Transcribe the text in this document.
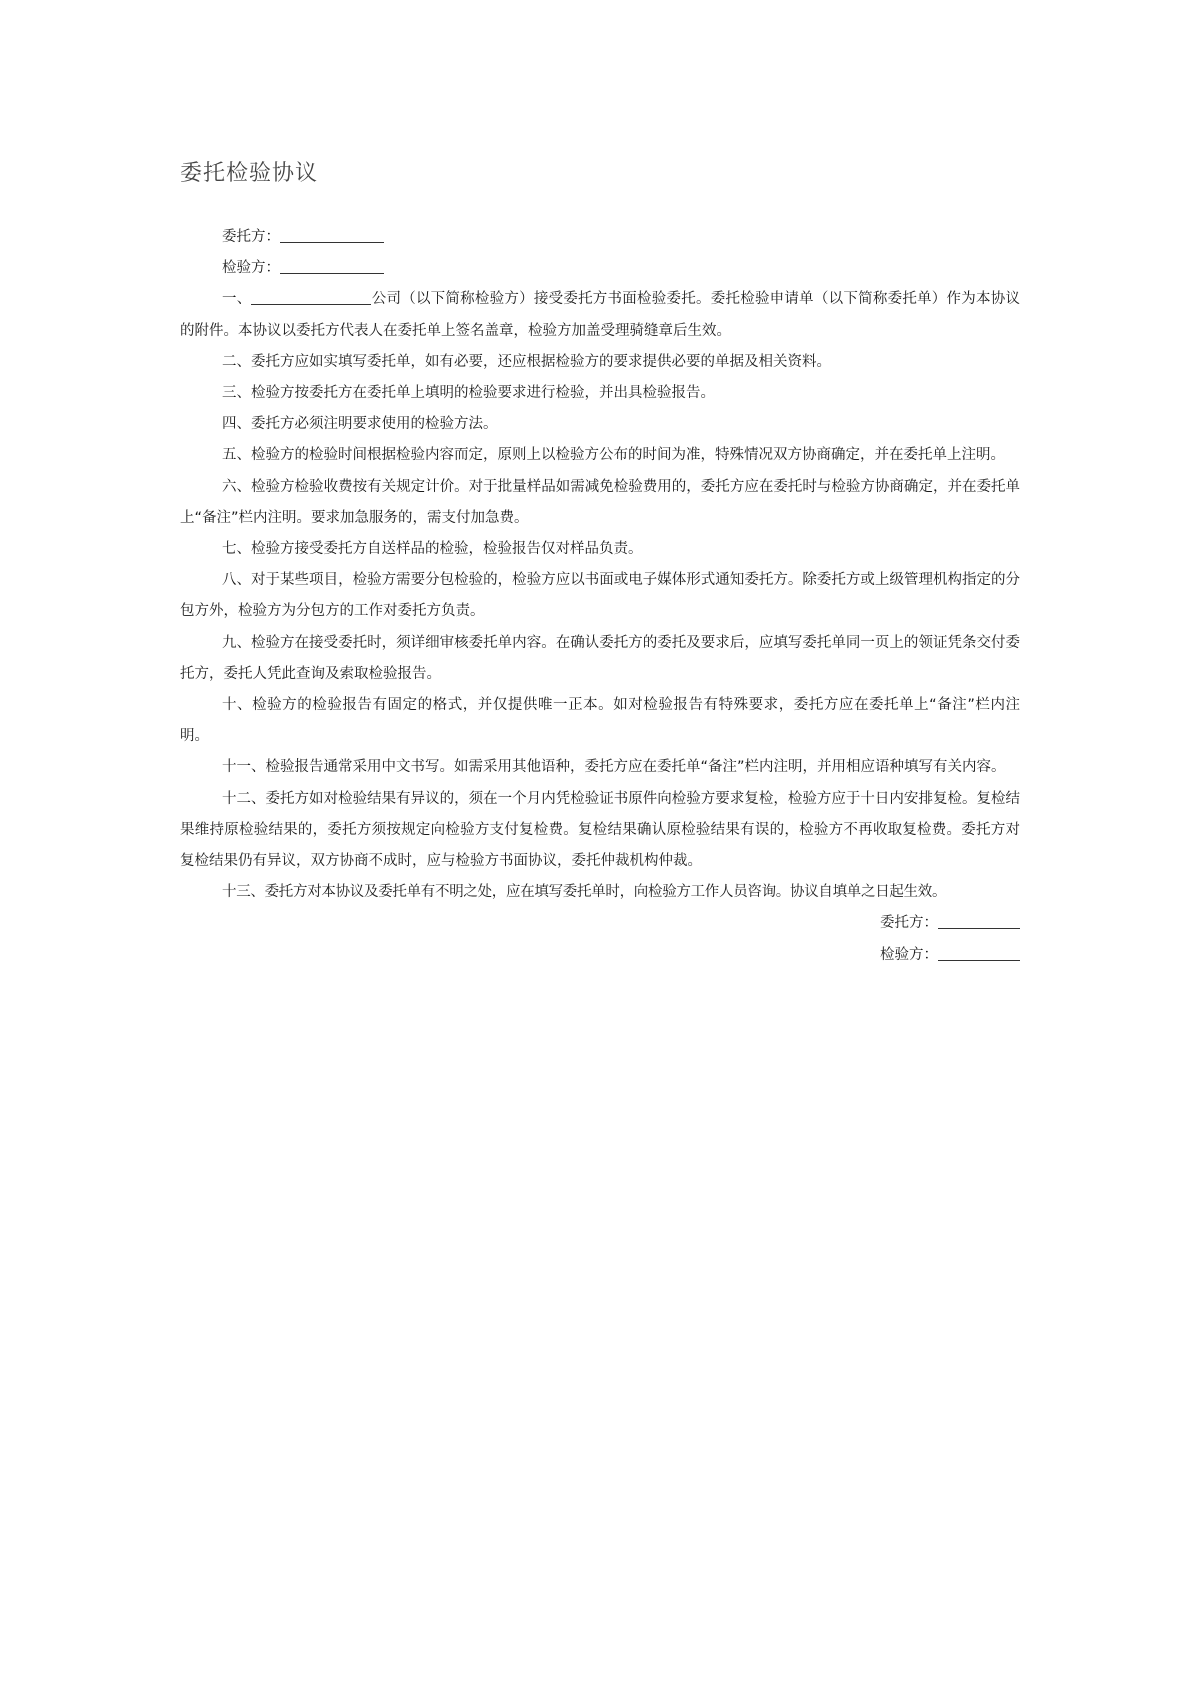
委托检验协议
委托方：
检验方：
一、	公司（以下简称检验方）接受委托方书面检验委托。委托检验申请单（以下简称委托单）作为本协议的附件。本协议以委托方代表人在委托单上签名盖章，检验方加盖受理骑缝章后生效。
二、委托方应如实填写委托单，如有必要，还应根据检验方的要求提供必要的单据及相关资料。
三、检验方按委托方在委托单上填明的检验要求进行检验，并出具检验报告。
四、委托方必须注明要求使用的检验方法。
五、检验方的检验时间根据检验内容而定，原则上以检验方公布的时间为准，特殊情况双方协商确定，并在委托单上注明。
六、检验方检验收费按有关规定计价。对于批量样品如需减免检验费用的，委托方应在委托时与检验方协商确定，并在委托单上“备注”栏内注明。要求加急服务的，需支付加急费。
七、检验方接受委托方自送样品的检验，检验报告仅对样品负责。
八、对于某些项目，检验方需要分包检验的，检验方应以书面或电子媒体形式通知委托方。除委托方或上级管理机构指定的分包方外，检验方为分包方的工作对委托方负责。
九、检验方在接受委托时，须详细审核委托单内容。在确认委托方的委托及要求后，应填写委托单同一页上的领证凭条交付委托方，委托人凭此查询及索取检验报告。
十、检验方的检验报告有固定的格式，并仅提供唯一正本。如对检验报告有特殊要求，委托方应在委托单上“备注”栏内注明。
十一、检验报告通常采用中文书写。如需采用其他语种，委托方应在委托单“备注”栏内注明，并用相应语种填写有关内容。
十二、委托方如对检验结果有异议的，须在一个月内凭检验证书原件向检验方要求复检，检验方应于十日内安排复检。复检结果维持原检验结果的，委托方须按规定向检验方支付复检费。复检结果确认原检验结果有误的，检验方不再收取复检费。委托方对复检结果仍有异议，双方协商不成时，应与检验方书面协议，委托仲裁机构仲裁。
十三、委托方对本协议及委托单有不明之处，应在填写委托单时，向检验方工作人员咨询。协议自填单之日起生效。
委托方：
检验方：
